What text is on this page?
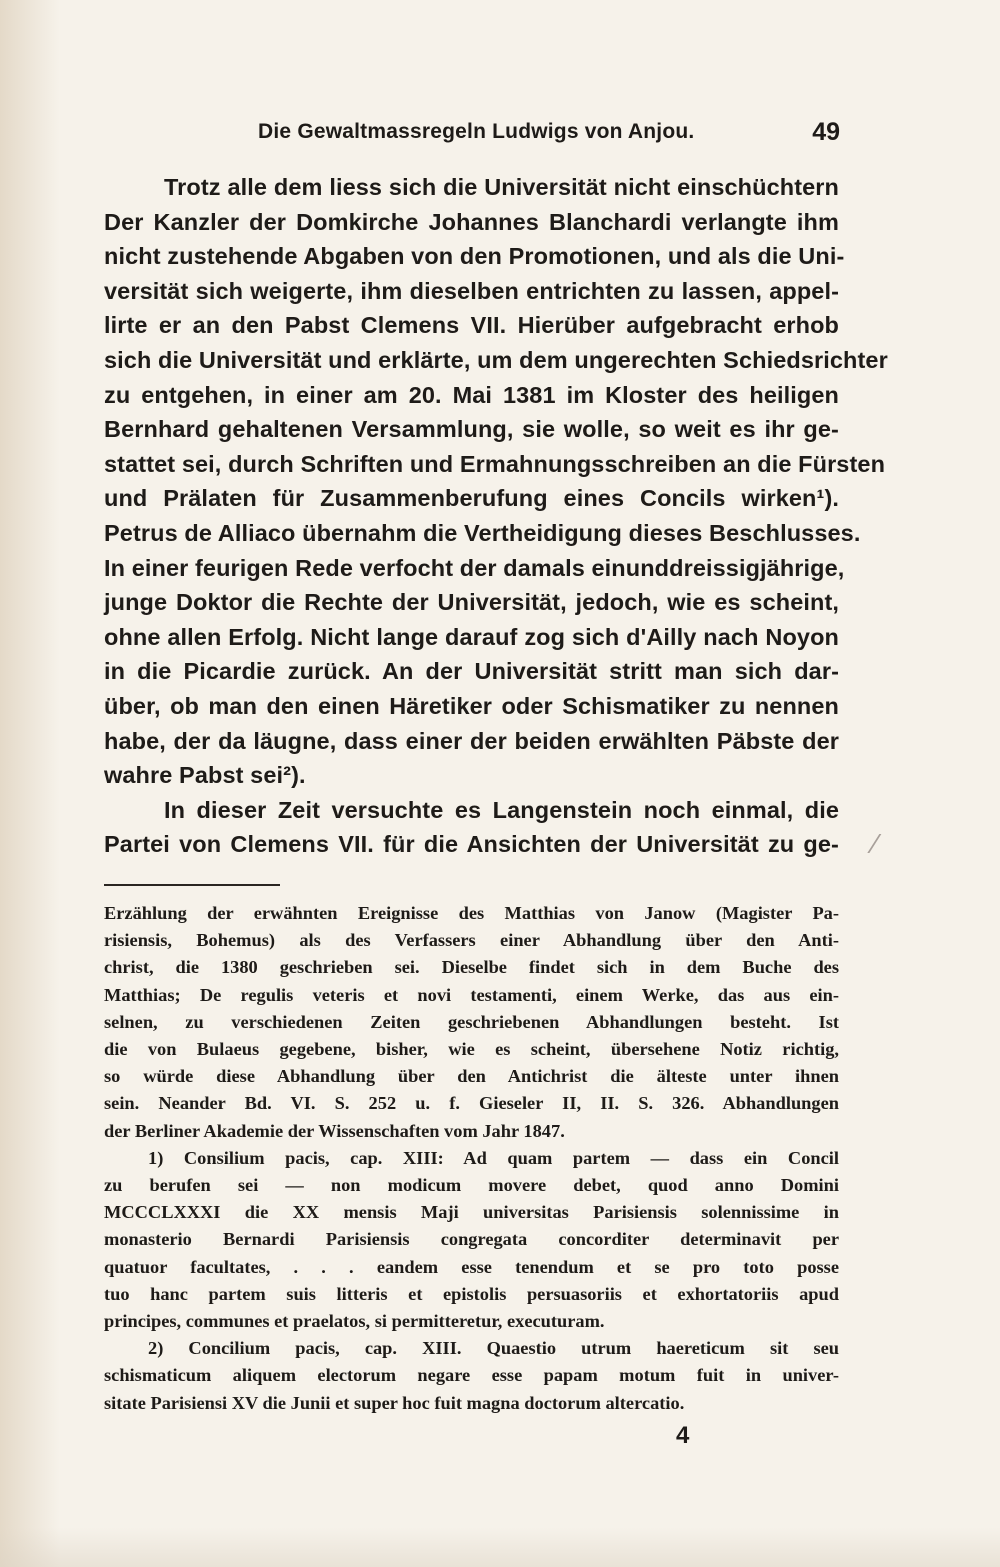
Die Gewaltmassregeln Ludwigs von Anjou.	49
Trotz alle dem liess sich die Universität nicht einschüchtern
Der Kanzler der Domkirche Johannes Blanchardi verlangte ihm
nicht zustehende Abgaben von den Promotionen, und als die Uni-
versität sich weigerte, ihm dieselben entrichten zu lassen, appel-
lirte er an den Pabst Clemens VII. Hierüber aufgebracht erhob
sich die Universität und erklärte, um dem ungerechten Schiedsrichter
zu entgehen, in einer am 20. Mai 1381 im Kloster des heiligen
Bernhard gehaltenen Versammlung, sie wolle, so weit es ihr ge-
stattet sei, durch Schriften und Ermahnungsschreiben an die Fürsten
und Prälaten für Zusammenberufung eines Concils wirken¹).
Petrus de Alliaco übernahm die Vertheidigung dieses Beschlusses.
In einer feurigen Rede verfocht der damals einunddreissigjährige,
junge Doktor die Rechte der Universität, jedoch, wie es scheint,
ohne allen Erfolg. Nicht lange darauf zog sich d'Ailly nach Noyon
in die Picardie zurück. An der Universität stritt man sich dar-
über, ob man den einen Häretiker oder Schismatiker zu nennen
habe, der da läugne, dass einer der beiden erwählten Päbste der
wahre Pabst sei²).
In dieser Zeit versuchte es Langenstein noch einmal, die
Partei von Clemens VII. für die Ansichten der Universität zu ge-
Erzählung der erwähnten Ereignisse des Matthias von Janow (Magister Pa-
risiensis, Bohemus) als des Verfassers einer Abhandlung über den Anti-
christ, die 1380 geschrieben sei. Dieselbe findet sich in dem Buche des
Matthias; De regulis veteris et novi testamenti, einem Werke, das aus ein-
selnen, zu verschiedenen Zeiten geschriebenen Abhandlungen besteht. Ist
die von Bulaeus gegebene, bisher, wie es scheint, übersehene Notiz richtig,
so würde diese Abhandlung über den Antichrist die älteste unter ihnen
sein. Neander Bd. VI. S. 252 u. f. Gieseler II, II. S. 326. Abhandlungen
der Berliner Akademie der Wissenschaften vom Jahr 1847.
1) Consilium pacis, cap. XIII: Ad quam partem — dass ein Concil
zu berufen sei — non modicum movere debet, quod anno Domini
MCCCLXXXI die XX mensis Maji universitas Parisiensis solennissime in
monasterio Bernardi Parisiensis congregata concorditer determinavit per
quatuor facultates, . . . eandem esse tenendum et se pro toto posse
tuo hanc partem suis litteris et epistolis persuasoriis et exhortatoriis apud
principes, communes et praelatos, si permitteretur, executuram.
2) Concilium pacis, cap. XIII. Quaestio utrum haereticum sit seu
schismaticum aliquem electorum negare esse papam motum fuit in univer-
sitate Parisiensi XV die Junii et super hoc fuit magna doctorum altercatio.
4
⁄
